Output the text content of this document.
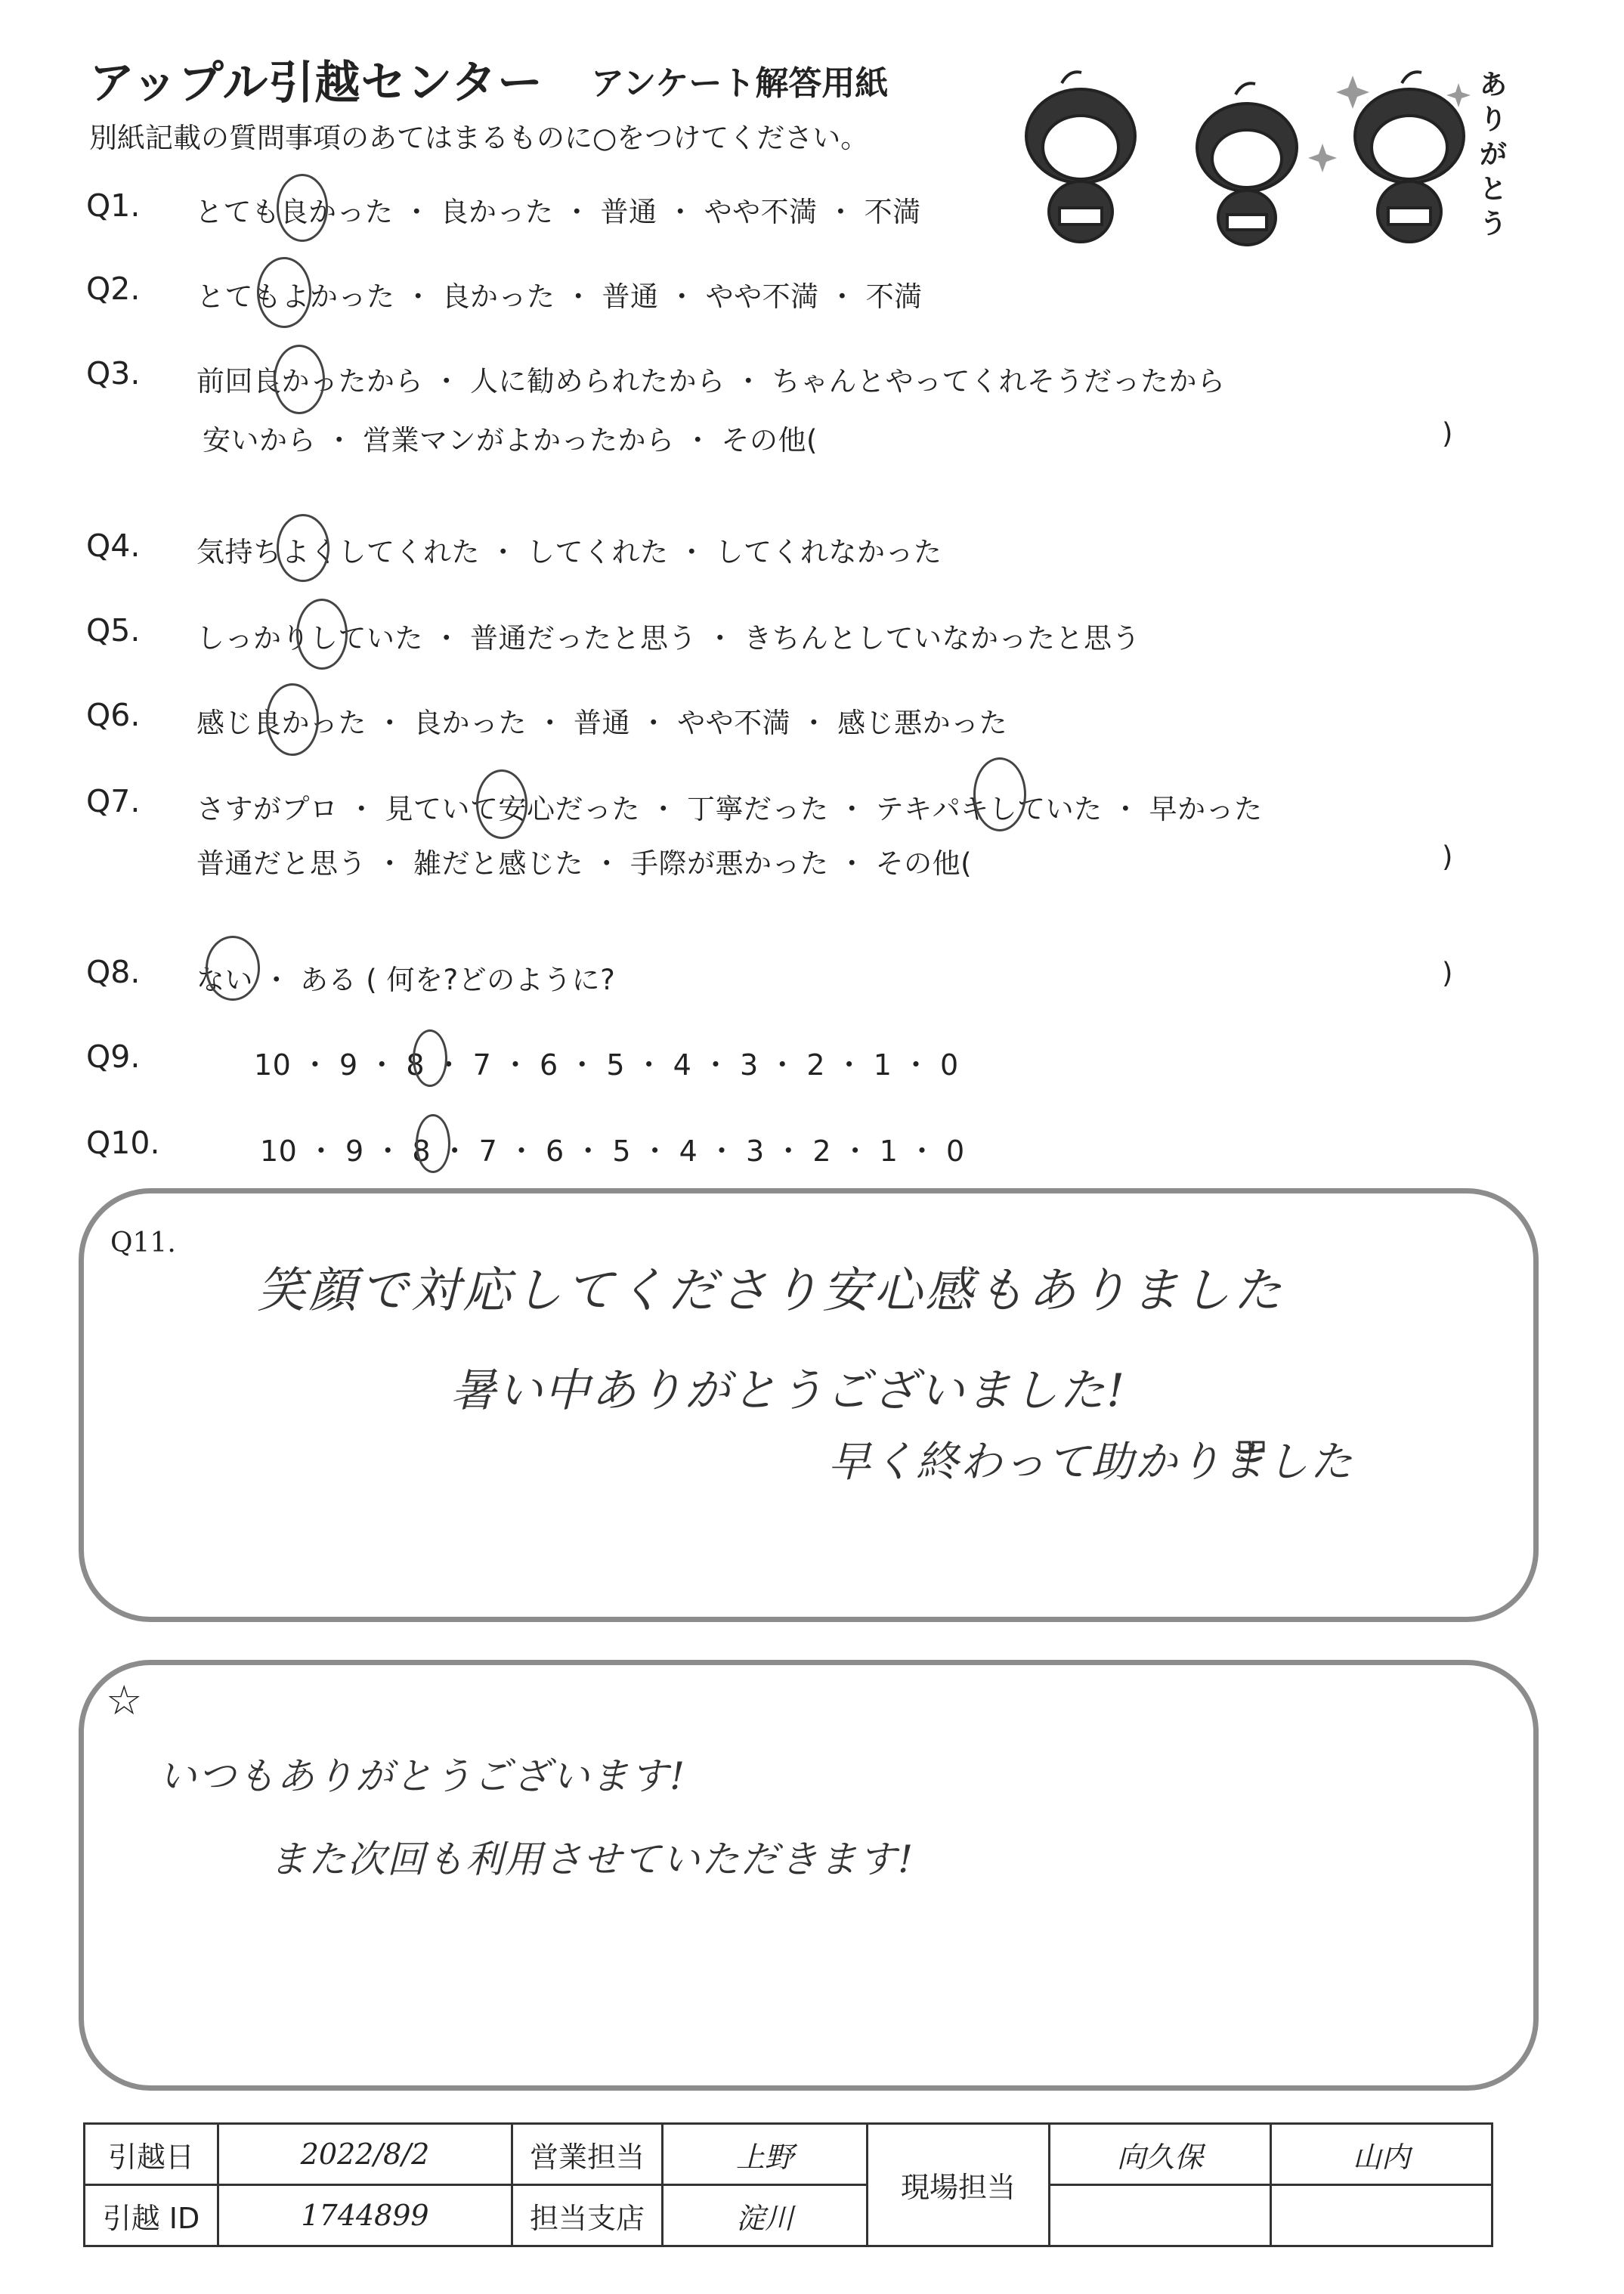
アップル引越センター アンケート解答用紙
別紙記載の質問事項のあてはまるものに○をつけてください。
ありがとう
Q1. とても良かった ・ 良かった ・ 普通 ・ やや不満 ・ 不満
Q2. とてもよかった ・ 良かった ・ 普通 ・ やや不満 ・ 不満
Q3. 前回良かったから ・ 人に勧められたから ・ ちゃんとやってくれそうだったから
安いから ・ 営業マンがよかったから ・ その他(	)
Q4. 気持ちよくしてくれた ・ してくれた ・ してくれなかった
Q5. しっかりしていた ・ 普通だったと思う ・ きちんとしていなかったと思う
Q6. 感じ良かった ・ 良かった ・ 普通 ・ やや不満 ・ 感じ悪かった
Q7. さすがプロ ・ 見ていて安心だった ・ 丁寧だった ・ テキパキしていた ・ 早かった
普通だと思う ・ 雑だと感じた ・ 手際が悪かった ・ その他(	)
Q8. ない ・ ある ( 何を?どのように?	)
Q9.	10 ・ 9 ・ 8 ・ 7 ・ 6 ・ 5 ・ 4 ・ 3 ・ 2 ・ 1 ・ 0
Q10.	10 ・ 9 ・ 8 ・ 7 ・ 6 ・ 5 ・ 4 ・ 3 ・ 2 ・ 1 ・ 0
Q11.
笑顔で対応してくださり安心感もありました
暑い中ありがとうございました!
早く終わって助かりました
☆
いつもありがとうございます!
また次回も利用させていただきます!
引越日	2022/8/2	営業担当	上野	現場担当	向久保	山内
引越 ID	1744899	担当支店	淀川			
